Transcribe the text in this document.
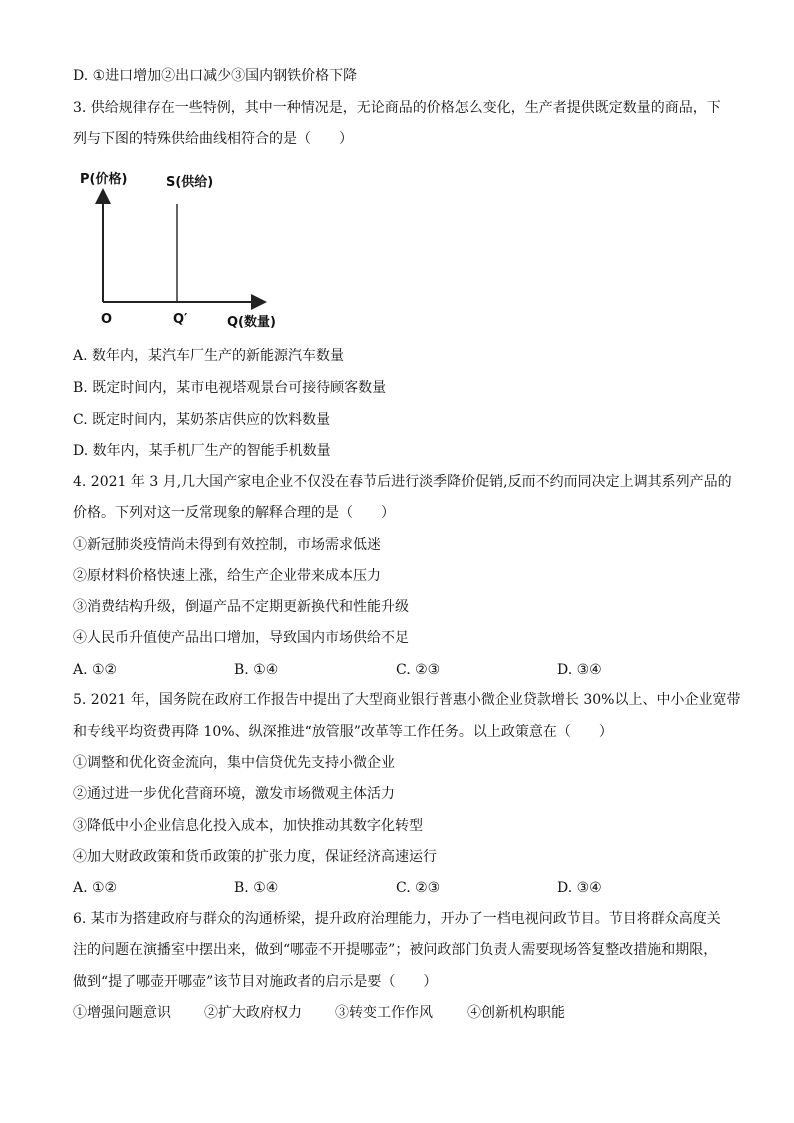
D. ①进口增加②出口减少③国内钢铁价格下降
3. 供给规律存在一些特例，其中一种情况是，无论商品的价格怎么变化，生产者提供既定数量的商品，下
列与下图的特殊供给曲线相符合的是（　　）
P(价格)	S(供给)
O	Q′	Q(数量)
A. 数年内，某汽车厂生产的新能源汽车数量
B. 既定时间内，某市电视塔观景台可接待顾客数量
C. 既定时间内，某奶茶店供应的饮料数量
D. 数年内，某手机厂生产的智能手机数量
4. 2021 年 3 月,几大国产家电企业不仅没在春节后进行淡季降价促销,反而不约而同决定上调其系列产品的
价格。下列对这一反常现象的解释合理的是（　　）
①新冠肺炎疫情尚未得到有效控制，市场需求低迷
②原材料价格快速上涨，给生产企业带来成本压力
③消费结构升级，倒逼产品不定期更新换代和性能升级
④人民币升值使产品出口增加，导致国内市场供给不足
A. ①②	B. ①④	C. ②③	D. ③④
5. 2021 年，国务院在政府工作报告中提出了大型商业银行普惠小微企业贷款增长 30%以上、中小企业宽带
和专线平均资费再降 10%、纵深推进“放管服”改革等工作任务。以上政策意在（　　）
①调整和优化资金流向，集中信贷优先支持小微企业
②通过进一步优化营商环境，激发市场微观主体活力
③降低中小企业信息化投入成本，加快推动其数字化转型
④加大财政政策和货币政策的扩张力度，保证经济高速运行
A. ①②	B. ①④	C. ②③	D. ③④
6. 某市为搭建政府与群众的沟通桥梁，提升政府治理能力，开办了一档电视问政节目。节目将群众高度关
注的问题在演播室中摆出来，做到“哪壶不开提哪壶”；被问政部门负责人需要现场答复整改措施和期限，
做到“提了哪壶开哪壶”该节目对施政者的启示是要（　　）
①增强问题意识 ②扩大政府权力 ③转变工作作风 ④创新机构职能
